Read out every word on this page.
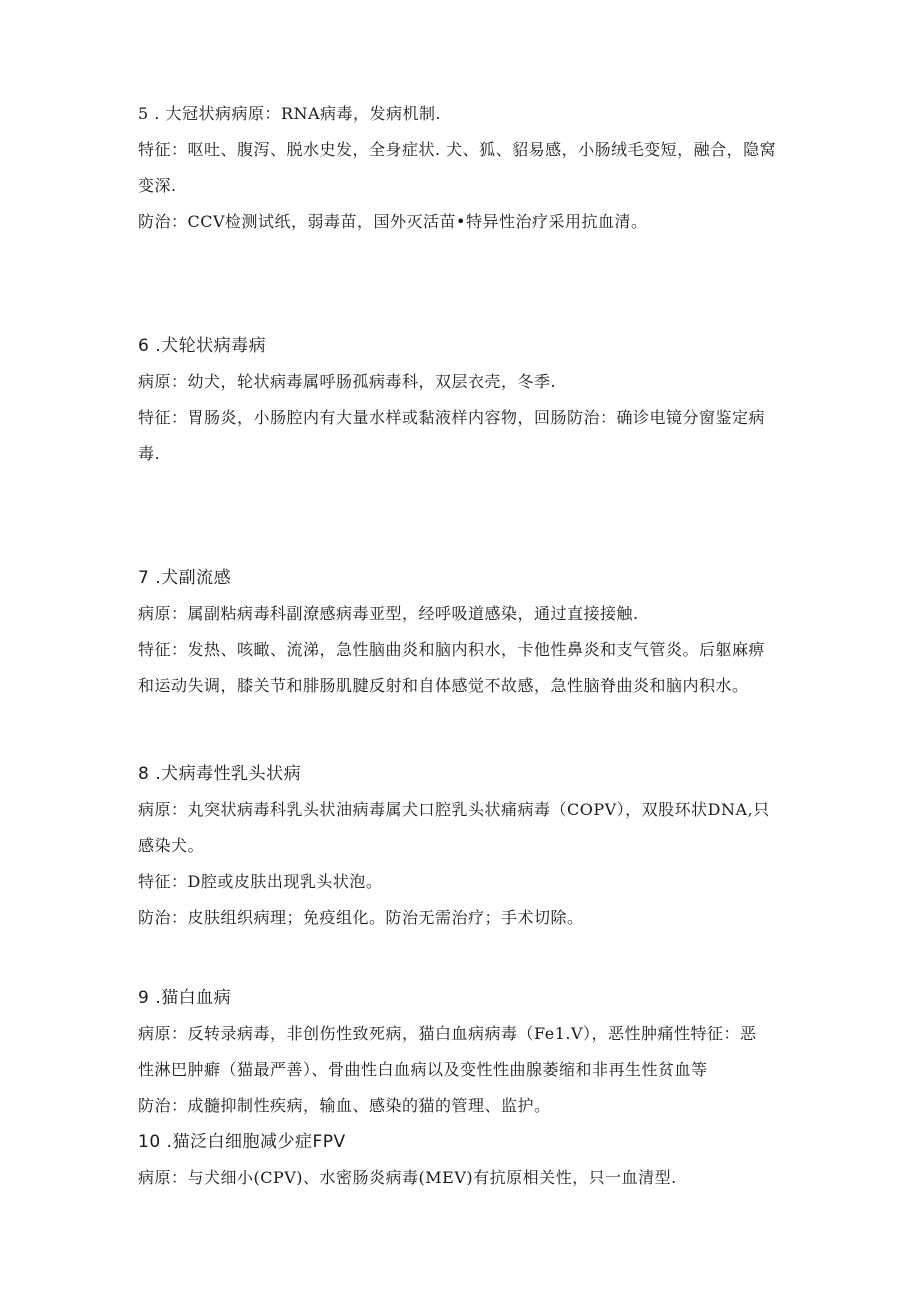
5 . 大冠状病病原：RNA病毒，发病机制.
特征：呕吐、腹泻、脱水史发，全身症状. 犬、狐、貂易感，小肠绒毛变短，融合，隐窝
变深.
防治：CCV检测试纸，弱毒苗，国外灭活苗•特异性治疗采用抗血清。
6 .犬轮状病毒病
病原：幼犬，轮状病毒属呼肠孤病毒科，双层衣壳，冬季.
特征：胃肠炎，小肠腔内有大量水样或黏液样内容物，回肠防治：确诊电镜分窗鉴定病
毒.
7 .犬副流感
病原：属副粘病毒科副潦感病毒亚型，经呼吸道感染，通过直接接触.
特征：发热、咳瞰、流涕，急性脑曲炎和脑内积水，卡他性鼻炎和支气管炎。后躯麻痹
和运动失调，膝关节和腓肠肌腱反射和自体感觉不故感，急性脑脊曲炎和脑内积水。
8 .犬病毒性乳头状病
病原：丸突状病毒科乳头状油病毒属犬口腔乳头状痛病毒（COPV），双股环状DNA,只
感染犬。
特征：D腔或皮肤出现乳头状泡。
防治：皮肤组织病理；免疫组化。防治无需治疗；手术切除。
9 .猫白血病
病原：反转录病毒，非创伤性致死病，猫白血病病毒（Fe1.V），恶性肿痛性特征：恶
性淋巴肿癖（猫最严善）、骨曲性白血病以及变性性曲腺萎缩和非再生性贫血等
防治：成髓抑制性疾病，输血、感染的猫的管理、监护。
10 .猫泛白细胞减少症FPV
病原：与犬细小(CPV)、水密肠炎病毒(MEV)有抗原相关性，只一血清型.
